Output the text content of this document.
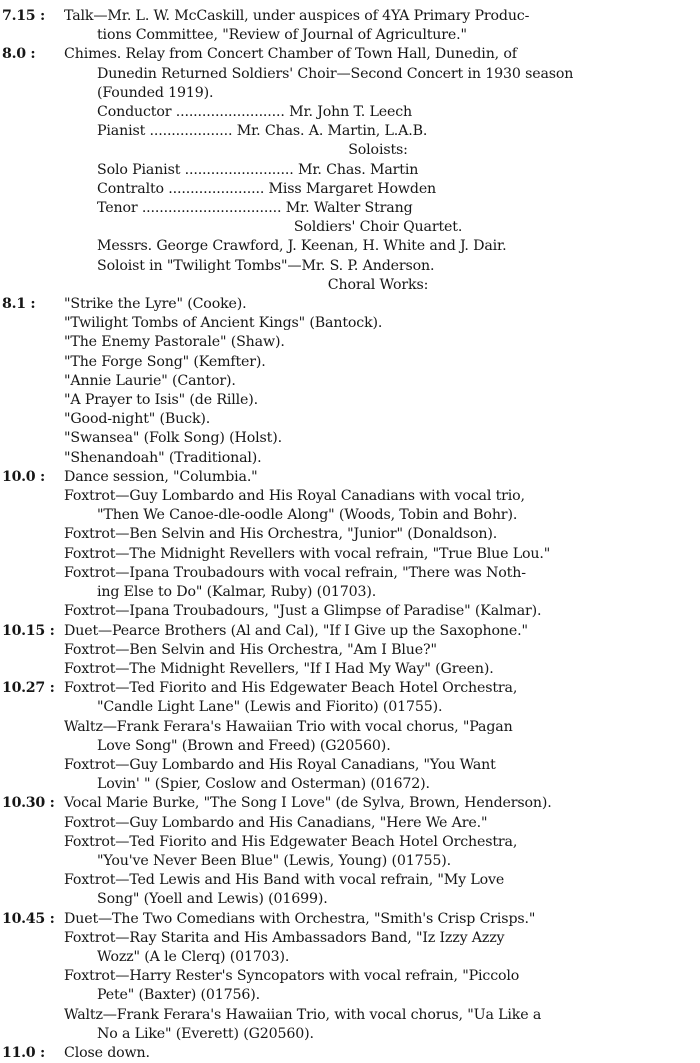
7.15 :	Talk—Mr. L. W. McCaskill, under auspices of 4YA Primary Produc-
tions Committee, "Review of Journal of Agriculture."
8.0 :	Chimes. Relay from Concert Chamber of Town Hall, Dunedin, of
Dunedin Returned Soldiers' Choir—Second Concert in 1930 season
(Founded 1919).
Conductor ......................... Mr. John T. Leech
Pianist ................... Mr. Chas. A. Martin, L.A.B.
Soloists:
Solo Pianist ......................... Mr. Chas. Martin
Contralto ...................... Miss Margaret Howden
Tenor ................................ Mr. Walter Strang
Soldiers' Choir Quartet.
Messrs. George Crawford, J. Keenan, H. White and J. Dair.
Soloist in "Twilight Tombs"—Mr. S. P. Anderson.
Choral Works:
8.1 :	"Strike the Lyre" (Cooke).
"Twilight Tombs of Ancient Kings" (Bantock).
"The Enemy Pastorale" (Shaw).
"The Forge Song" (Kemfter).
"Annie Laurie" (Cantor).
"A Prayer to Isis" (de Rille).
"Good-night" (Buck).
"Swansea" (Folk Song) (Holst).
"Shenandoah" (Traditional).
10.0 :	Dance session, "Columbia."
Foxtrot—Guy Lombardo and His Royal Canadians with vocal trio,
"Then We Canoe-dle-oodle Along" (Woods, Tobin and Bohr).
Foxtrot—Ben Selvin and His Orchestra, "Junior" (Donaldson).
Foxtrot—The Midnight Revellers with vocal refrain, "True Blue Lou."
Foxtrot—Ipana Troubadours with vocal refrain, "There was Noth-
ing Else to Do" (Kalmar, Ruby) (01703).
Foxtrot—Ipana Troubadours, "Just a Glimpse of Paradise" (Kalmar).
10.15 : Duet—Pearce Brothers (Al and Cal), "If I Give up the Saxophone."
Foxtrot—Ben Selvin and His Orchestra, "Am I Blue?"
Foxtrot—The Midnight Revellers, "If I Had My Way" (Green).
10.27 : Foxtrot—Ted Fiorito and His Edgewater Beach Hotel Orchestra,
"Candle Light Lane" (Lewis and Fiorito) (01755).
Waltz—Frank Ferara's Hawaiian Trio with vocal chorus, "Pagan
Love Song" (Brown and Freed) (G20560).
Foxtrot—Guy Lombardo and His Royal Canadians, "You Want
Lovin' " (Spier, Coslow and Osterman) (01672).
10.30 : Vocal Marie Burke, "The Song I Love" (de Sylva, Brown, Henderson).
Foxtrot—Guy Lombardo and His Canadians, "Here We Are."
Foxtrot—Ted Fiorito and His Edgewater Beach Hotel Orchestra,
"You've Never Been Blue" (Lewis, Young) (01755).
Foxtrot—Ted Lewis and His Band with vocal refrain, "My Love
Song" (Yoell and Lewis) (01699).
10.45 : Duet—The Two Comedians with Orchestra, "Smith's Crisp Crisps."
Foxtrot—Ray Starita and His Ambassadors Band, "Iz Izzy Azzy
Wozz" (A le Clerq) (01703).
Foxtrot—Harry Rester's Syncopators with vocal refrain, "Piccolo
Pete" (Baxter) (01756).
Waltz—Frank Ferara's Hawaiian Trio, with vocal chorus, "Ua Like a
No a Like" (Everett) (G20560).
11.0 :	Close down.
